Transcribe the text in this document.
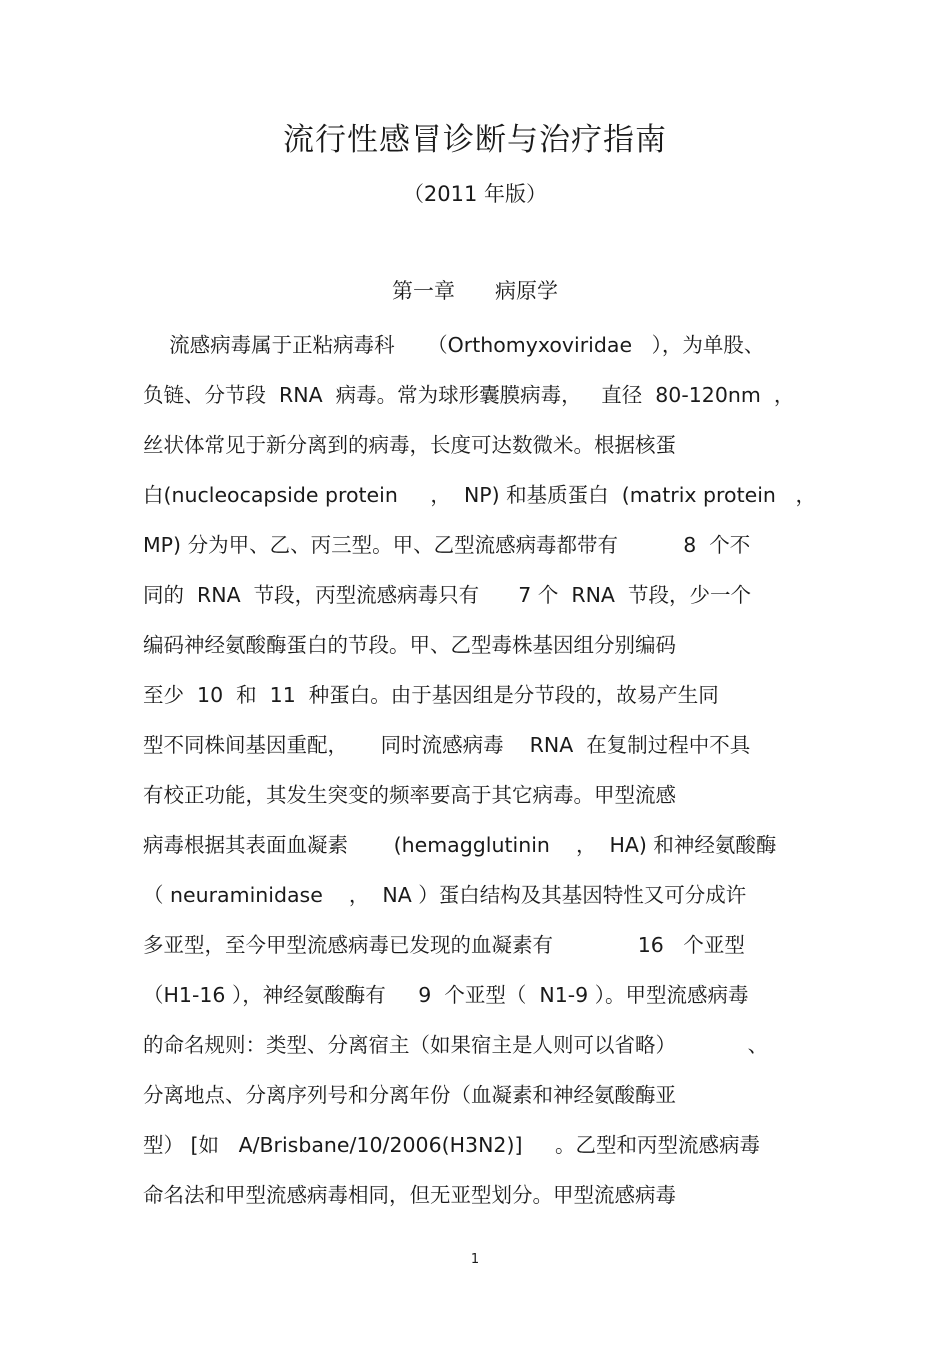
流行性感冒诊断与治疗指南
（2011 年版）
第一章      病原学
流感病毒属于正粘病毒科     （Orthomyxoviridae   ），为单股、
负链、分节段  RNA  病毒。常为球形囊膜病毒，   直径  80-120nm  ，
丝状体常见于新分离到的病毒，长度可达数微米。根据核蛋
白(nucleocapside protein     ，  NP) 和基质蛋白  (matrix protein   ，
MP) 分为甲、乙、丙三型。甲、乙型流感病毒都带有          8  个不
同的  RNA  节段，丙型流感病毒只有      7 个  RNA  节段，少一个
编码神经氨酸酶蛋白的节段。甲、乙型毒株基因组分别编码
至少  10  和  11  种蛋白。由于基因组是分节段的，故易产生同
型不同株间基因重配，     同时流感病毒    RNA  在复制过程中不具
有校正功能，其发生突变的频率要高于其它病毒。甲型流感
病毒根据其表面血凝素       (hemagglutinin    ，  HA) 和神经氨酸酶
（ neuraminidase    ，  NA ）蛋白结构及其基因特性又可分成许
多亚型，至今甲型流感病毒已发现的血凝素有             16   个亚型
（H1-16 ），神经氨酸酶有     9  个亚型（  N1-9 ）。甲型流感病毒
的命名规则：类型、分离宿主（如果宿主是人则可以省略）           、
分离地点、分离序列号和分离年份（血凝素和神经氨酸酶亚
型） [如   A/Brisbane/10/2006(H3N2)]     。乙型和丙型流感病毒
命名法和甲型流感病毒相同，但无亚型划分。甲型流感病毒
1
